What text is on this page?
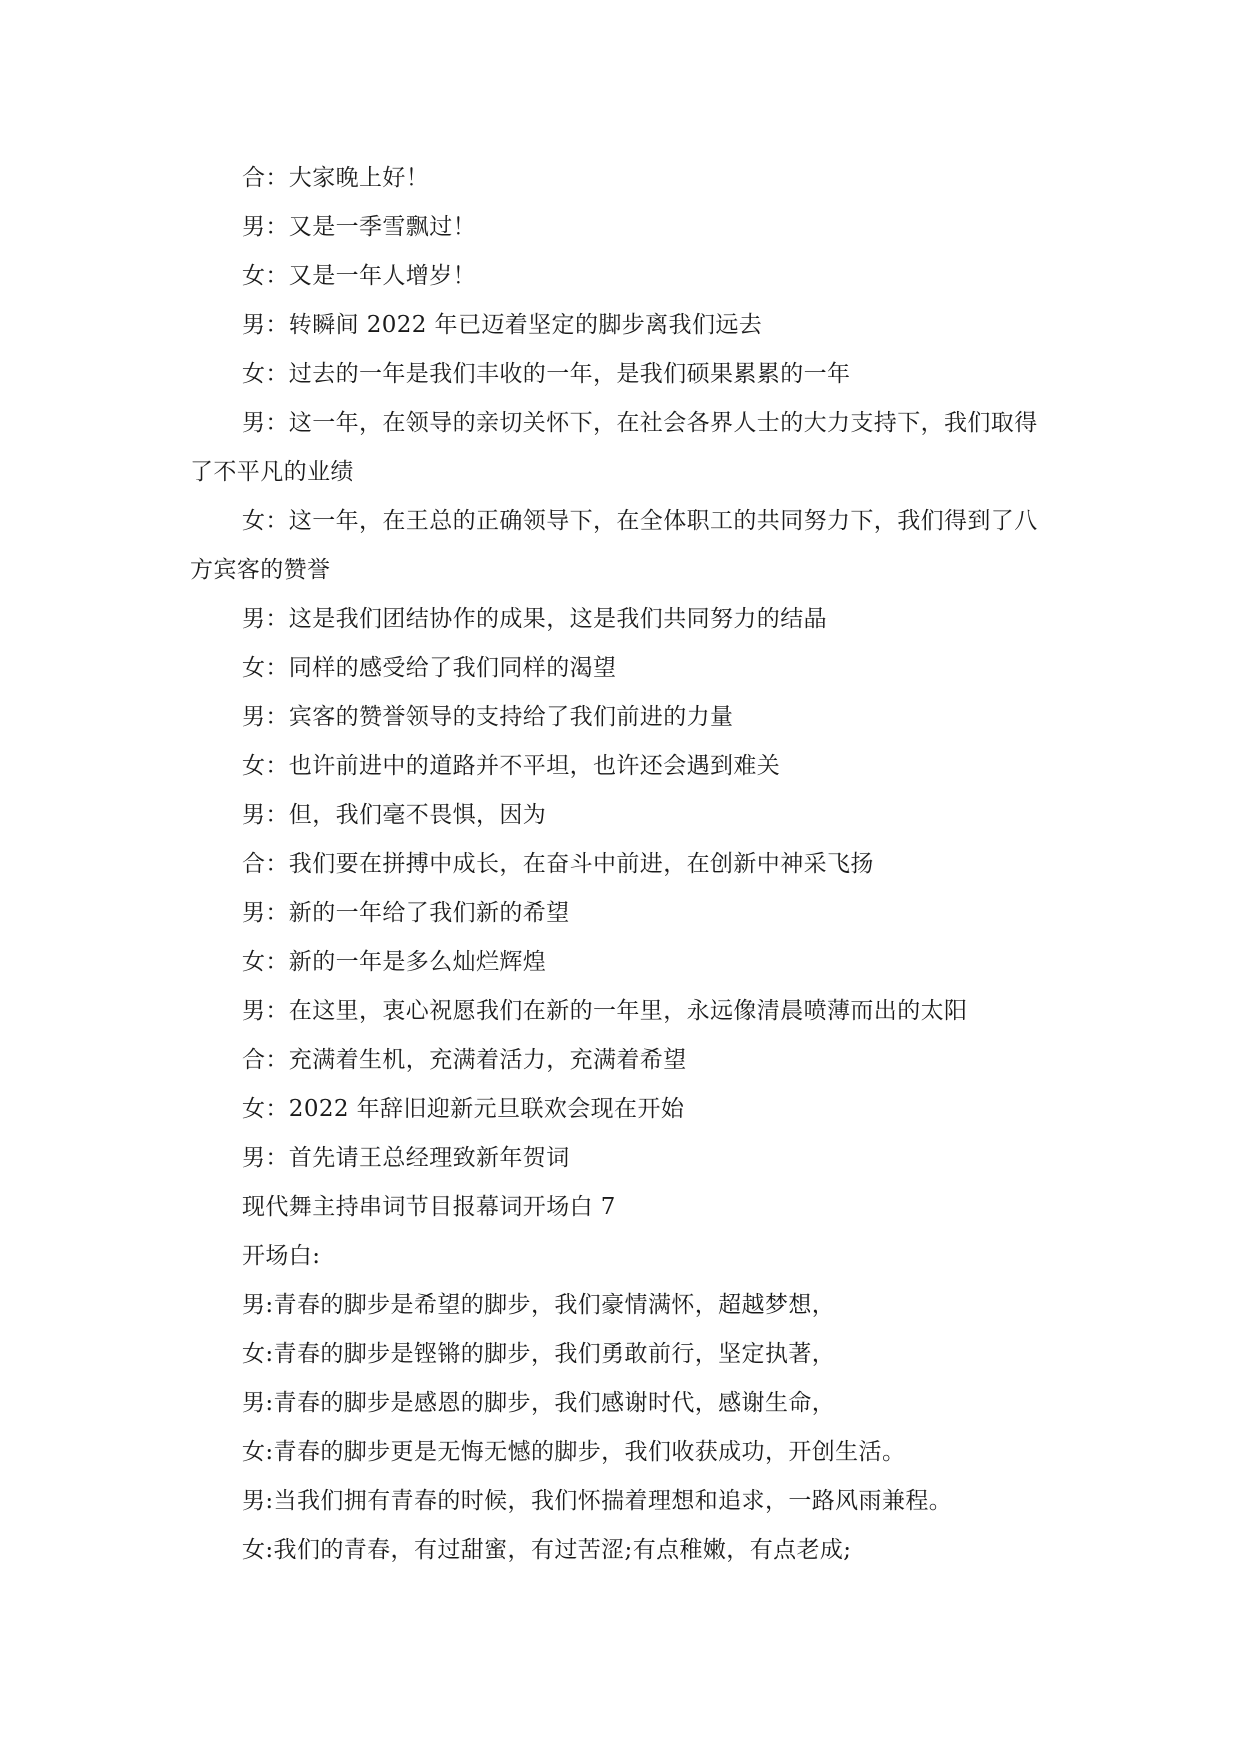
合：大家晚上好！

男：又是一季雪飘过！

女：又是一年人增岁！

男：转瞬间 2022 年已迈着坚定的脚步离我们远去

女：过去的一年是我们丰收的一年，是我们硕果累累的一年

男：这一年，在领导的亲切关怀下，在社会各界人士的大力支持下，我们取得了不平凡的业绩

女：这一年，在王总的正确领导下，在全体职工的共同努力下，我们得到了八方宾客的赞誉

男：这是我们团结协作的成果，这是我们共同努力的结晶

女：同样的感受给了我们同样的渴望

男：宾客的赞誉领导的支持给了我们前进的力量

女：也许前进中的道路并不平坦，也许还会遇到难关

男：但，我们毫不畏惧，因为

合：我们要在拼搏中成长，在奋斗中前进，在创新中神采飞扬

男：新的一年给了我们新的希望

女：新的一年是多么灿烂辉煌

男：在这里，衷心祝愿我们在新的一年里，永远像清晨喷薄而出的太阳

合：充满着生机，充满着活力，充满着希望

女：2022 年辞旧迎新元旦联欢会现在开始

男：首先请王总经理致新年贺词

现代舞主持串词节目报幕词开场白 7

开场白:

男:青春的脚步是希望的脚步，我们豪情满怀，超越梦想，

女:青春的脚步是铿锵的脚步，我们勇敢前行，坚定执著，

男:青春的脚步是感恩的脚步，我们感谢时代，感谢生命，

女:青春的脚步更是无悔无憾的脚步，我们收获成功，开创生活。

男:当我们拥有青春的时候，我们怀揣着理想和追求，一路风雨兼程。

女:我们的青春，有过甜蜜，有过苦涩;有点稚嫩，有点老成;
